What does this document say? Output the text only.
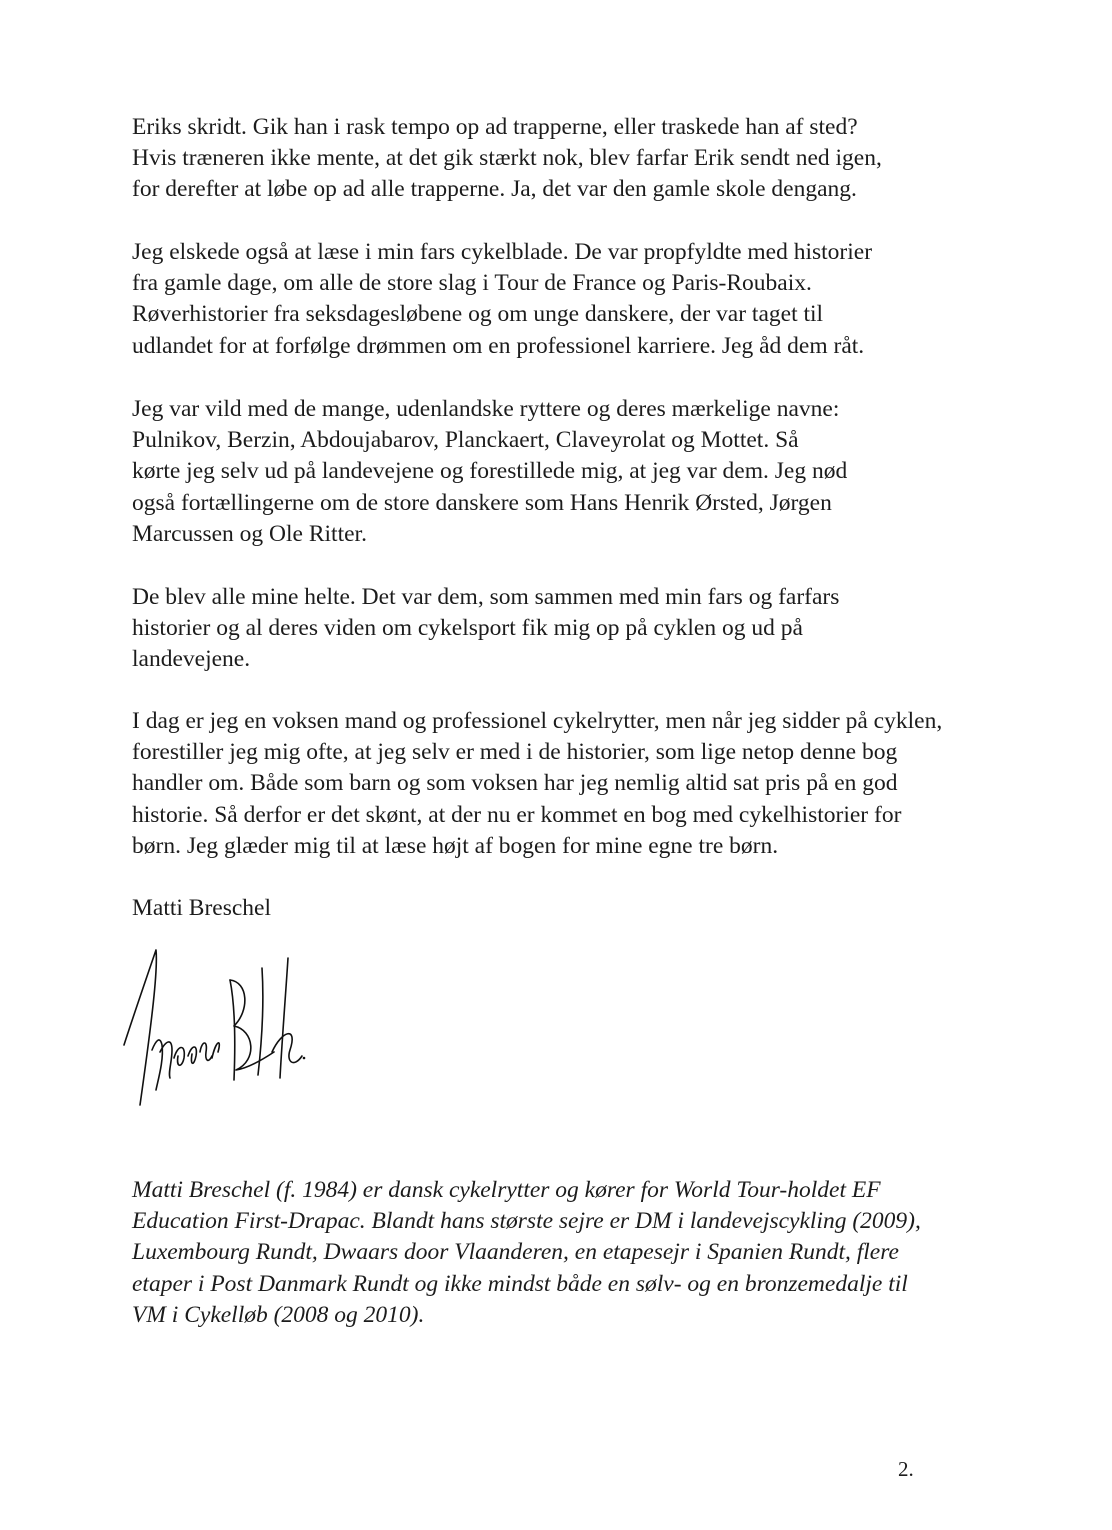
Eriks skridt. Gik han i rask tempo op ad trapperne, eller traskede han af sted?
Hvis træneren ikke mente, at det gik stærkt nok, blev farfar Erik sendt ned igen,
for derefter at løbe op ad alle trapperne. Ja, det var den gamle skole dengang.
Jeg elskede også at læse i min fars cykelblade. De var propfyldte med historier
fra gamle dage, om alle de store slag i Tour de France og Paris-Roubaix.
Røverhistorier fra seksdagesløbene og om unge danskere, der var taget til
udlandet for at forfølge drømmen om en professionel karriere. Jeg åd dem råt.
Jeg var vild med de mange, udenlandske ryttere og deres mærkelige navne:
Pulnikov, Berzin, Abdoujabarov, Planckaert, Claveyrolat og Mottet. Så
kørte jeg selv ud på landevejene og forestillede mig, at jeg var dem. Jeg nød
også fortællingerne om de store danskere som Hans Henrik Ørsted, Jørgen
Marcussen og Ole Ritter.
De blev alle mine helte. Det var dem, som sammen med min fars og farfars
historier og al deres viden om cykelsport fik mig op på cyklen og ud på
landevejene.
I dag er jeg en voksen mand og professionel cykelrytter, men når jeg sidder på cyklen,
forestiller jeg mig ofte, at jeg selv er med i de historier, som lige netop denne bog
handler om. Både som barn og som voksen har jeg nemlig altid sat pris på en god
historie. Så derfor er det skønt, at der nu er kommet en bog med cykelhistorier for
børn. Jeg glæder mig til at læse højt af bogen for mine egne tre børn.
Matti Breschel
Matti Breschel (f. 1984) er dansk cykelrytter og kører for World Tour-holdet EF
Education First-Drapac. Blandt hans største sejre er DM i landevejscykling (2009),
Luxembourg Rundt, Dwaars door Vlaanderen, en etapesejr i Spanien Rundt, flere
etaper i Post Danmark Rundt og ikke mindst både en sølv- og en bronzemedalje til
VM i Cykelløb (2008 og 2010).
2.
